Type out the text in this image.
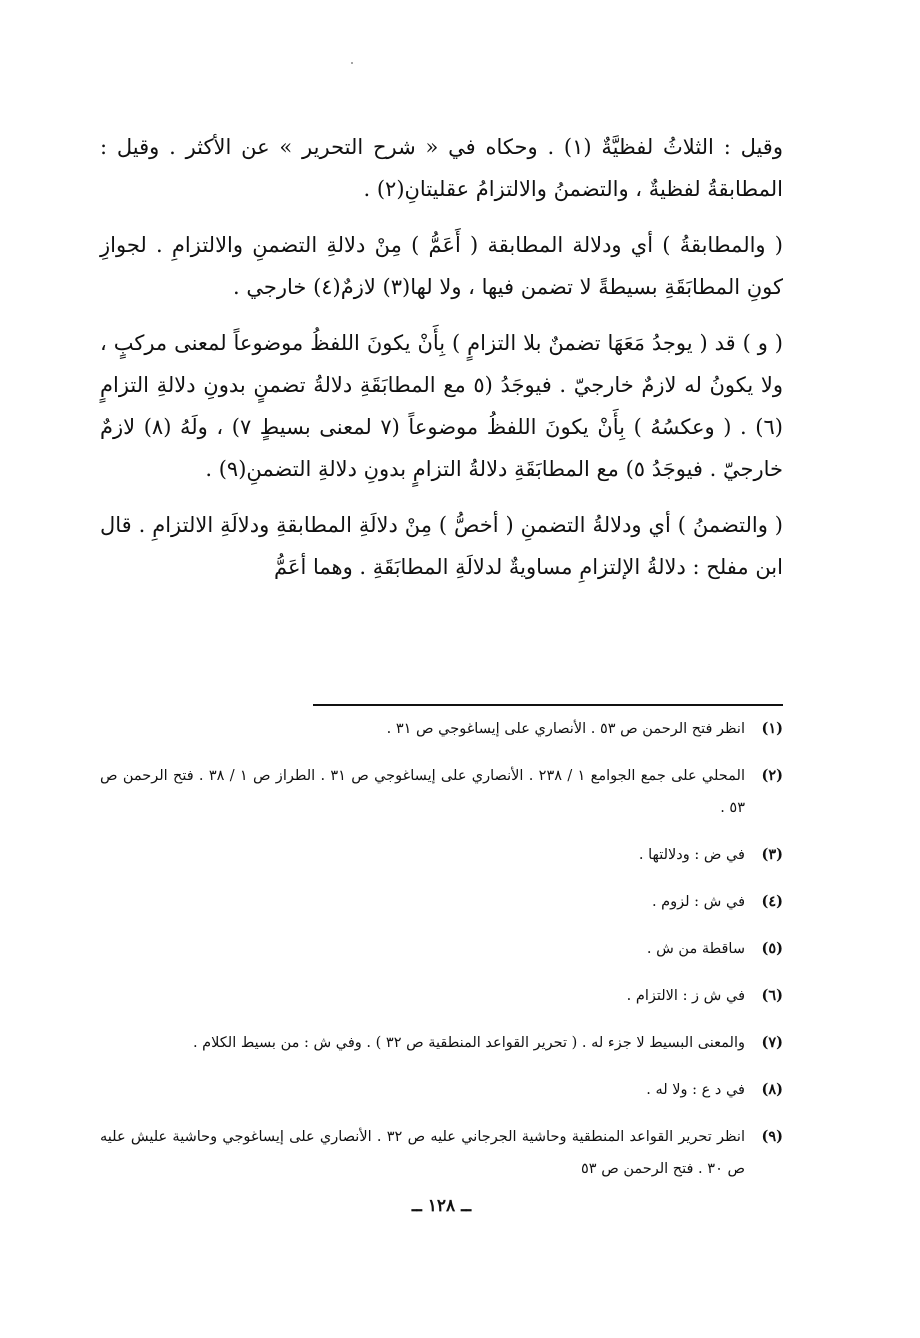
وقيل : الثلاثُ لفظيَّةٌ (١) . وحكاه في « شرح التحرير » عن الأكثر . وقيل : المطابقةُ لفظيةٌ ، والتضمنُ والالتزامُ عقليتانِ(٢) .

( والمطابقةُ ) أي ودلالة المطابقة ( أَعَمُّ ) مِنْ دلالةِ التضمنِ والالتزامِ . لجوازِ كونِ المطابَقَةِ بسيطةً لا تضمن فيها ، ولا لها(٣) لازمٌ(٤) خارجي .

( و ) قد ( يوجدُ مَعَهَا تضمنٌ بلا التزامٍ ) بِأَنْ يكونَ اللفظُ موضوعاً لمعنى مركبٍ ، ولا يكونُ له لازمٌ خارجيّ . فيوجَدُ (٥ مع المطابَقَةِ دلالةُ تضمنٍ بدونِ دلالةِ التزامٍ (٦) . ( وعكسُهُ ) بِأَنْ يكونَ اللفظُ موضوعاً (٧ لمعنى بسيطٍ ٧) ، ولَهُ (٨) لازمٌ خارجيّ . فيوجَدُ ٥) مع المطابَقَةِ دلالةُ التزامٍ بدونِ دلالةِ التضمنِ(٩) .

( والتضمنُ ) أي ودلالةُ التضمنِ ( أخصُّ ) مِنْ دلالَةِ المطابقةِ ودلالَةِ الالتزامِ . قال ابن مفلح : دلالةُ الإلتزامِ مساويةٌ لدلالَةِ المطابَقَةِ . وهما أعَمُّ

(١)
انظر فتح الرحمن ص ٥٣ . الأنصاري على إيساغوجي ص ٣١ .
(٢)
المحلي على جمع الجوامع ١ / ٢٣٨ . الأنصاري على إيساغوجي ص ٣١ . الطراز ص ١ / ٣٨ . فتح الرحمن ص ٥٣ .
(٣)
في ض : ودلالتها .
(٤)
في ش : لزوم .
(٥)
ساقطة من ش .
(٦)
في ش ز : الالتزام .
(٧)
والمعنى البسيط لا جزء له . ( تحرير القواعد المنطقية ص ٣٢ ) . وفي ش : من بسيط الكلام .
(٨)
في د ع : ولا له .
(٩)
انظر تحرير القواعد المنطقية وحاشية الجرجاني عليه ص ٣٢ . الأنصاري على إيساغوجي وحاشية عليش عليه ص ٣٠ . فتح الرحمن ص ٥٣
ــ ١٢٨ ــ
